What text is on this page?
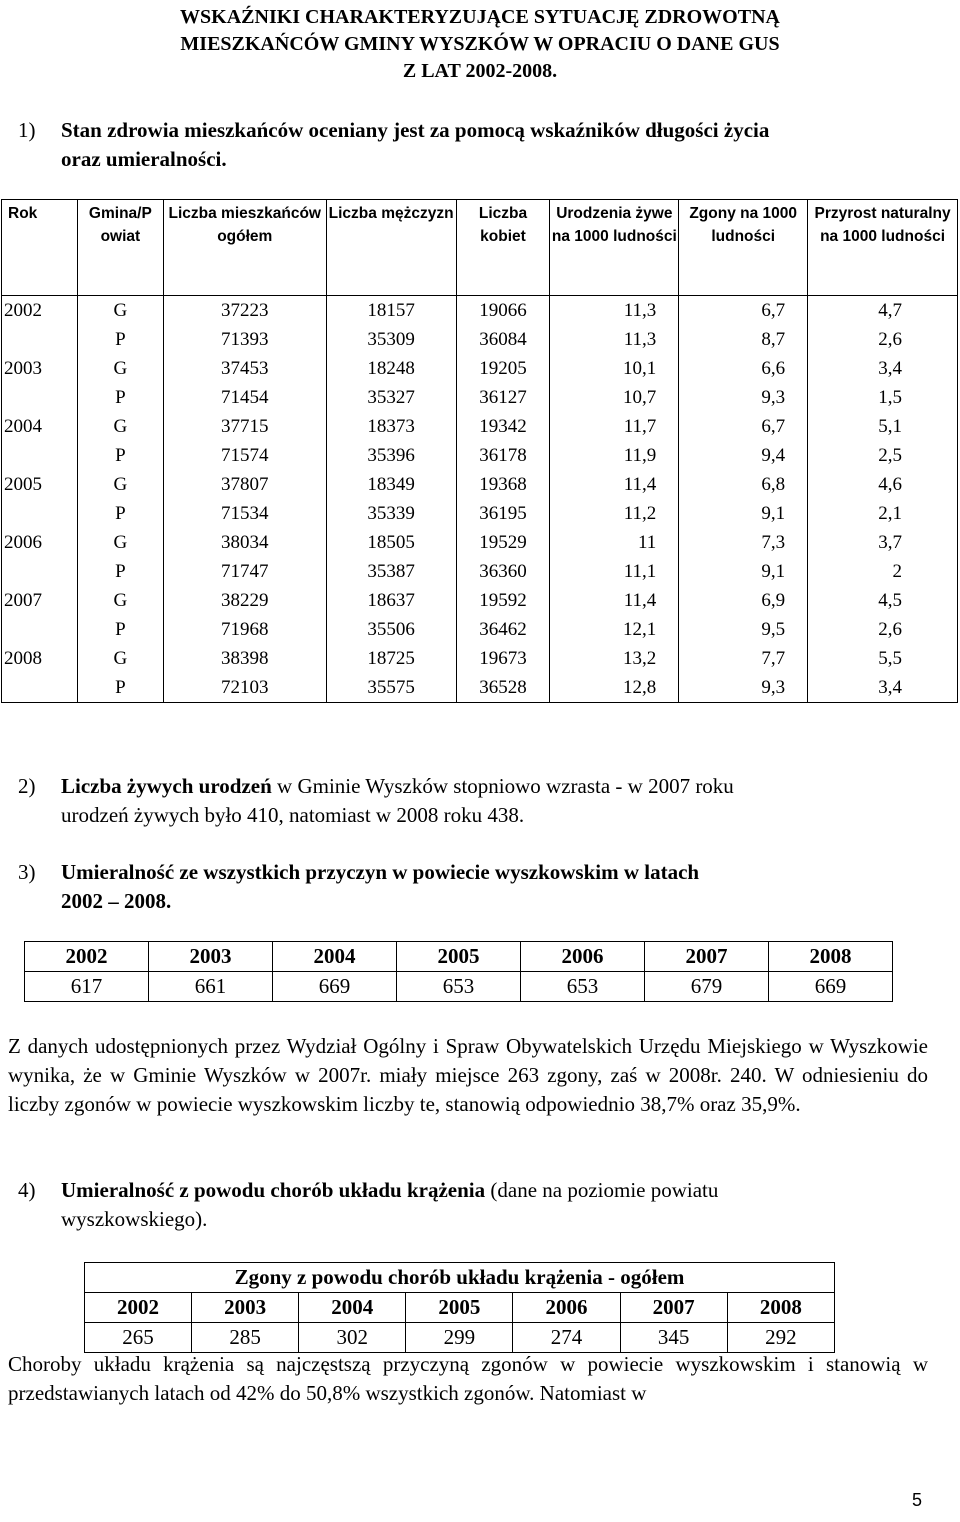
WSKAŹNIKI CHARAKTERYZUJĄCE SYTUACJĘ ZDROWOTNĄ
MIESZKAŃCÓW GMINY WYSZKÓW W OPRACIU O DANE GUS
Z LAT 2002-2008.
1) Stan zdrowia mieszkańców oceniany jest za pomocą wskaźników długości życia
oraz umieralności.
Rok	Gmina/P owiat	Liczba mieszkańców ogółem	Liczba mężczyzn	Liczba kobiet	Urodzenia żywe na 1000 ludności	Zgony na 1000 ludności	Przyrost naturalny na 1000 ludności
2002	G	37223	18157	19066	11,3	6,7	4,7
	P	71393	35309	36084	11,3	8,7	2,6
2003	G	37453	18248	19205	10,1	6,6	3,4
	P	71454	35327	36127	10,7	9,3	1,5
2004	G	37715	18373	19342	11,7	6,7	5,1
	P	71574	35396	36178	11,9	9,4	2,5
2005	G	37807	18349	19368	11,4	6,8	4,6
	P	71534	35339	36195	11,2	9,1	2,1
2006	G	38034	18505	19529	11	7,3	3,7
	P	71747	35387	36360	11,1	9,1	2
2007	G	38229	18637	19592	11,4	6,9	4,5
	P	71968	35506	36462	12,1	9,5	2,6
2008	G	38398	18725	19673	13,2	7,7	5,5
	P	72103	35575	36528	12,8	9,3	3,4
2) Liczba żywych urodzeń w Gminie Wyszków stopniowo wzrasta - w 2007 roku
urodzeń żywych było 410, natomiast w 2008 roku 438.
3) Umieralność ze wszystkich przyczyn w powiecie wyszkowskim w latach
2002 – 2008.
2002	2003	2004	2005	2006	2007	2008
617	661	669	653	653	679	669
Z danych udostępnionych przez Wydział Ogólny i Spraw Obywatelskich Urzędu Miejskiego w Wyszkowie wynika, że w Gminie Wyszków w 2007r. miały miejsce 263 zgony, zaś w 2008r. 240. W odniesieniu do liczby zgonów w powiecie wyszkowskim liczby te, stanowią odpowiednio 38,7% oraz 35,9%.
4) Umieralność z powodu chorób układu krążenia (dane na poziomie powiatu
wyszkowskiego).
Zgony z powodu chorób układu krążenia - ogółem						
2002	2003	2004	2005	2006	2007	2008
265	285	302	299	274	345	292
Choroby układu krążenia są najczęstszą przyczyną zgonów w powiecie wyszkowskim i stanowią w przedstawianych latach od 42% do 50,8% wszystkich zgonów. Natomiast w
5
